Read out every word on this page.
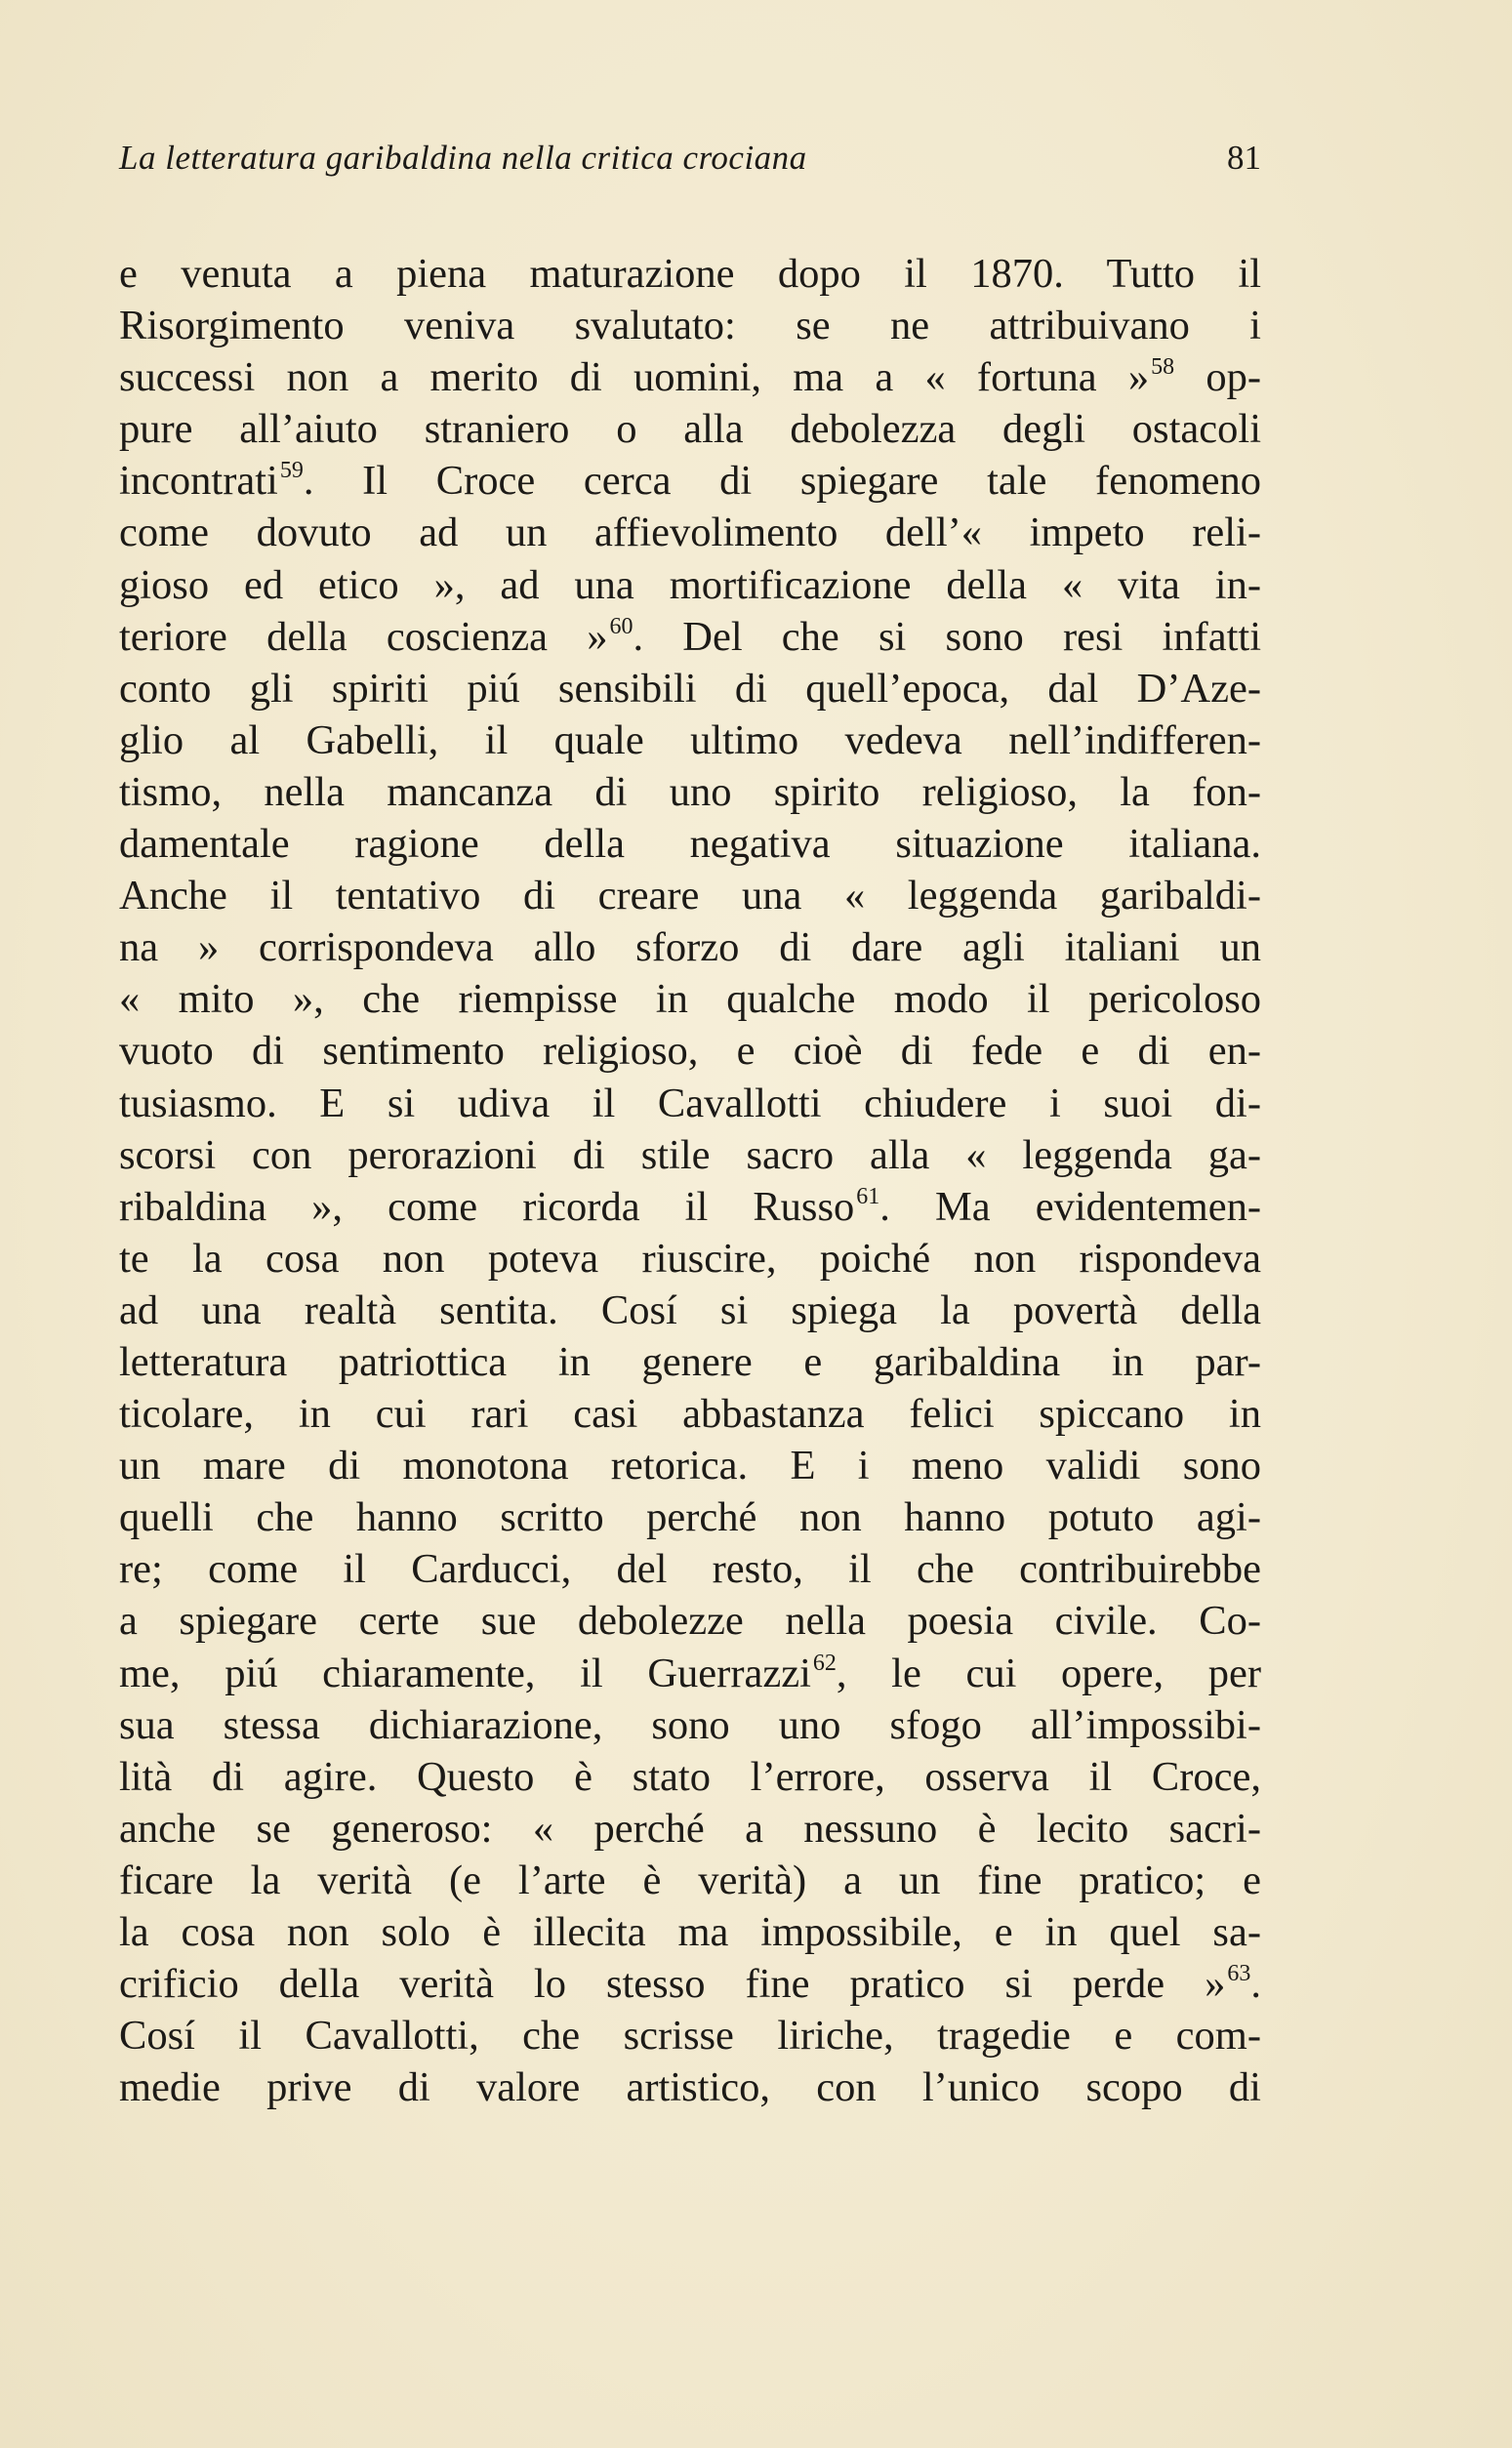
La letteratura garibaldina nella critica crociana	81
e venuta a piena maturazione dopo il 1870. Tutto il
Risorgimento veniva svalutato: se ne attribuivano i
successi non a merito di uomini, ma a « fortuna »$^{58}$ op-
pure all’aiuto straniero o alla debolezza degli ostacoli
incontrati$^{59}$. Il Croce cerca di spiegare tale fenomeno
come dovuto ad un affievolimento dell’« impeto reli-
gioso ed etico », ad una mortificazione della « vita in-
teriore della coscienza »$^{60}$. Del che si sono resi infatti
conto gli spiriti piú sensibili di quell’epoca, dal D’Aze-
glio al Gabelli, il quale ultimo vedeva nell’indifferen-
tismo, nella mancanza di uno spirito religioso, la fon-
damentale ragione della negativa situazione italiana.
Anche il tentativo di creare una « leggenda garibaldi-
na » corrispondeva allo sforzo di dare agli italiani un
« mito », che riempisse in qualche modo il pericoloso
vuoto di sentimento religioso, e cioè di fede e di en-
tusiasmo. E si udiva il Cavallotti chiudere i suoi di-
scorsi con perorazioni di stile sacro alla « leggenda ga-
ribaldina », come ricorda il Russo$^{61}$. Ma evidentemen-
te la cosa non poteva riuscire, poiché non rispondeva
ad una realtà sentita. Cosí si spiega la povertà della
letteratura patriottica in genere e garibaldina in par-
ticolare, in cui rari casi abbastanza felici spiccano in
un mare di monotona retorica. E i meno validi sono
quelli che hanno scritto perché non hanno potuto agi-
re; come il Carducci, del resto, il che contribuirebbe
a spiegare certe sue debolezze nella poesia civile. Co-
me, piú chiaramente, il Guerrazzi$^{62}$, le cui opere, per
sua stessa dichiarazione, sono uno sfogo all’impossibi-
lità di agire. Questo è stato l’errore, osserva il Croce,
anche se generoso: « perché a nessuno è lecito sacri-
ficare la verità (e l’arte è verità) a un fine pratico; e
la cosa non solo è illecita ma impossibile, e in quel sa-
crificio della verità lo stesso fine pratico si perde »$^{63}$.
Cosí il Cavallotti, che scrisse liriche, tragedie e com-
medie prive di valore artistico, con l’unico scopo di
